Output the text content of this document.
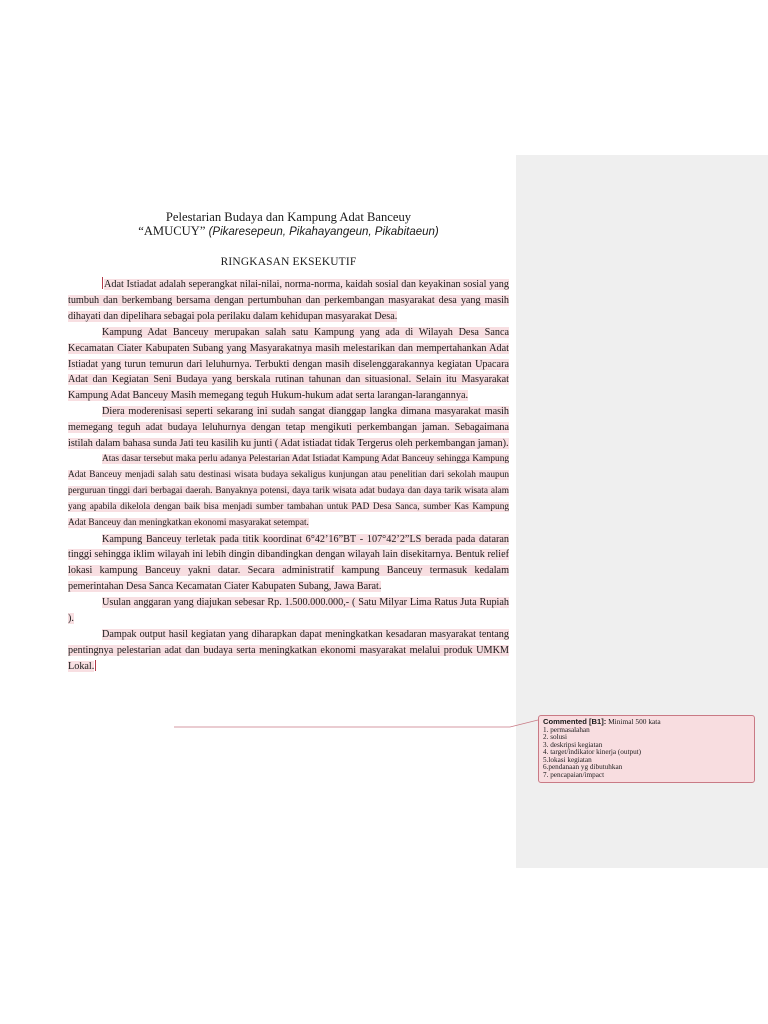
Pelestarian Budaya dan Kampung Adat Banceuy
“AMUCUY” (Pikaresepeun, Pikahayangeun, Pikabitaeun)
RINGKASAN EKSEKUTIF

Adat Istiadat adalah seperangkat nilai-nilai, norma-norma, kaidah sosial dan keyakinan sosial yang tumbuh dan berkembang bersama dengan pertumbuhan dan perkembangan masyarakat desa yang masih dihayati dan dipelihara sebagai pola perilaku dalam kehidupan masyarakat Desa.

Kampung Adat Banceuy merupakan salah satu Kampung yang ada di Wilayah Desa Sanca Kecamatan Ciater Kabupaten Subang yang Masyarakatnya masih melestarikan dan mempertahankan Adat Istiadat yang turun temurun dari leluhurnya. Terbukti dengan masih diselenggarakannya kegiatan Upacara Adat dan Kegiatan Seni Budaya yang berskala rutinan tahunan dan situasional. Selain itu Masyarakat Kampung Adat Banceuy Masih memegang teguh Hukum-hukum adat serta larangan-larangannya.

Diera moderenisasi seperti sekarang ini sudah sangat dianggap langka dimana masyarakat masih memegang teguh adat budaya leluhurnya dengan tetap mengikuti perkembangan jaman. Sebagaimana istilah dalam bahasa sunda Jati teu kasilih ku junti ( Adat istiadat tidak Tergerus oleh perkembangan jaman).

Atas dasar tersebut maka perlu adanya Pelestarian Adat Istiadat Kampung Adat Banceuy sehingga Kampung Adat Banceuy menjadi salah satu destinasi wisata budaya sekaligus kunjungan atau penelitian dari sekolah maupun perguruan tinggi dari berbagai daerah. Banyaknya potensi, daya tarik wisata adat budaya dan daya tarik wisata alam yang apabila dikelola dengan baik bisa menjadi sumber tambahan untuk PAD Desa Sanca, sumber Kas Kampung Adat Banceuy dan meningkatkan ekonomi masyarakat setempat.

Kampung Banceuy terletak pada titik koordinat 6°42’16”BT - 107°42’2”LS berada pada dataran tinggi sehingga iklim wilayah ini lebih dingin dibandingkan dengan wilayah lain disekitarnya. Bentuk relief lokasi kampung Banceuy yakni datar. Secara administratif kampung Banceuy termasuk kedalam pemerintahan Desa Sanca Kecamatan Ciater Kabupaten Subang, Jawa Barat.

Usulan anggaran yang diajukan sebesar Rp. 1.500.000.000,- ( Satu Milyar Lima Ratus Juta Rupiah ).

Dampak output hasil kegiatan yang diharapkan dapat meningkatkan kesadaran masyarakat tentang pentingnya pelestarian adat dan budaya serta meningkatkan ekonomi masyarakat melalui produk UMKM Lokal.

Commented [B1]: Minimal 500 kata
1. permasalahan
2. solusi
3. deskripsi kegiatan
4. target/indikator kinerja (output)
5.lokasi kegiatan
6.pendanaan yg dibutuhkan
7. pencapaian/impact
